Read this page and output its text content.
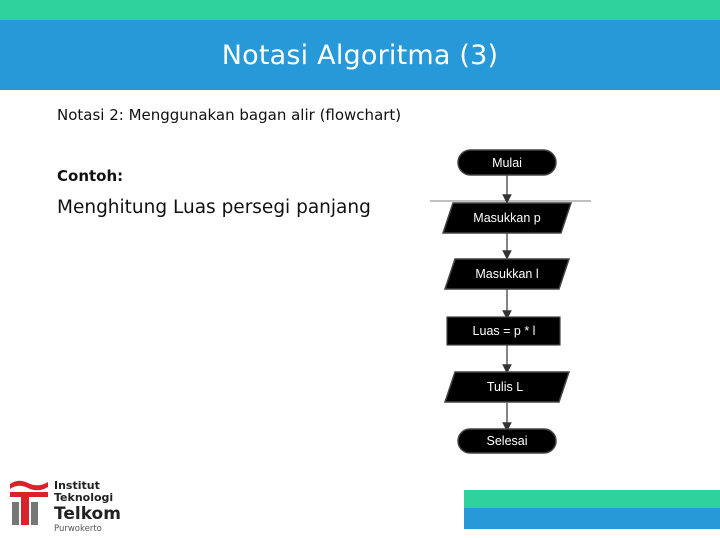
Notasi Algoritma (3)
Notasi 2: Menggunakan bagan alir (flowchart)
Contoh:
Menghitung Luas persegi panjang
Mulai
Masukkan p
Masukkan l
Luas = p * l
Tulis L
Selesai
Institut
Teknologi
Telkom
Purwokerto
